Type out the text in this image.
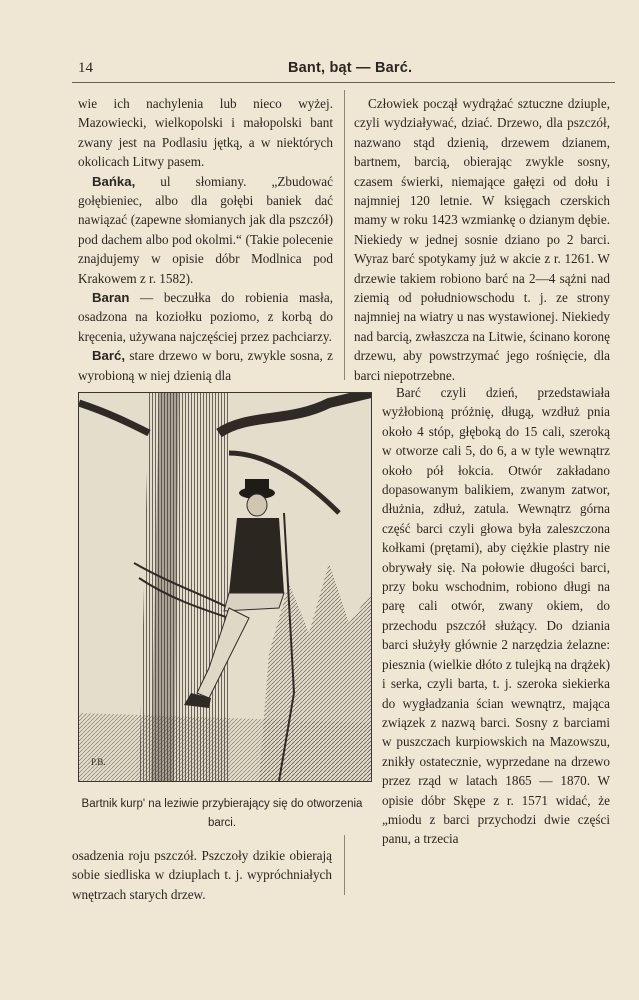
14	Bant, bąt — Barć.

wie ich nachylenia lub nieco wyżej. Mazowiecki, wielkopolski i małopolski bant zwany jest na Podlasiu jętką, a w niektórych okolicach Litwy pasem.

Bańka, ul słomiany. „Zbudować gołębieniec, albo dla gołębi baniek dać nawiązać (zapewne słomianych jak dla pszczół) pod dachem albo pod okolmi.“ (Takie polecenie znajdujemy w opisie dóbr Modlnica pod Krakowem z r. 1582).

Baran — beczułka do robienia masła, osadzona na koziołku poziomo, z korbą do kręcenia, używana najczęściej przez pachciarzy.

Barć, stare drzewo w boru, zwykle sosna, z wyrobioną w niej dzienią dla

Człowiek począł wydrążać sztuczne dziuple, czyli wydziaływać, dziać. Drzewo, dla pszczół, nazwano stąd dzienią, drzewem dzianem, bartnem, barcią, obierając zwykle sosny, czasem świerki, niemające gałęzi od dołu i najmniej 120 letnie. W księgach czerskich mamy w roku 1423 wzmiankę o dzianym dębie. Niekiedy w jednej sosnie dziano po 2 barci. Wyraz barć spotykamy już w akcie z r. 1261. W drzewie takiem robiono barć na 2—4 sążni nad ziemią od południowschodu t. j. ze strony najmniej na wiatry u nas wystawionej. Niekiedy nad barcią, zwłaszcza na Litwie, ścinano koronę drzewu, aby powstrzymać jego rośnięcie, dla barci niepotrzebne.

Barć czyli dzień, przedstawiała wyżłobioną próżnię, długą, wzdłuż pnia około 4 stóp, głęboką do 15 cali, szeroką w otworze cali 5, do 6, a w tyle wewnątrz około pół łokcia. Otwór zakładano dopasowanym balikiem, zwanym zatwor, dłużnia, zdłuż, zatula. Wewnątrz górna część barci czyli głowa była zaleszczona kołkami (prętami), aby ciężkie plastry nie obrywały się. Na połowie długości barci, przy boku wschodnim, robiono długi na parę cali otwór, zwany okiem, do przechodu pszczół służący. Do dziania barci służyły głównie 2 narzędzia żelazne: piesznia (wielkie dłóto z tulejką na drążek) i serka, czyli barta, t. j. szeroka siekierka do wygładzania ścian wewnątrz, mająca związek z nazwą barci. Sosny z barciami w puszczach kurpiowskich na Mazowszu, znikły ostatecznie, wyprzedane na drzewo przez rząd w latach 1865 — 1870. W opisie dóbr Skępe z r. 1571 widać, że „miodu z barci przychodzi dwie części panu, a trzecia

P.B.
Bartnik kurp' na leziwie przybierający się do otworzenia barci.

osadzenia roju pszczół. Pszczoły dzikie obierają sobie siedliska w dziuplach t. j. wypróchniałych wnętrzach starych drzew.
